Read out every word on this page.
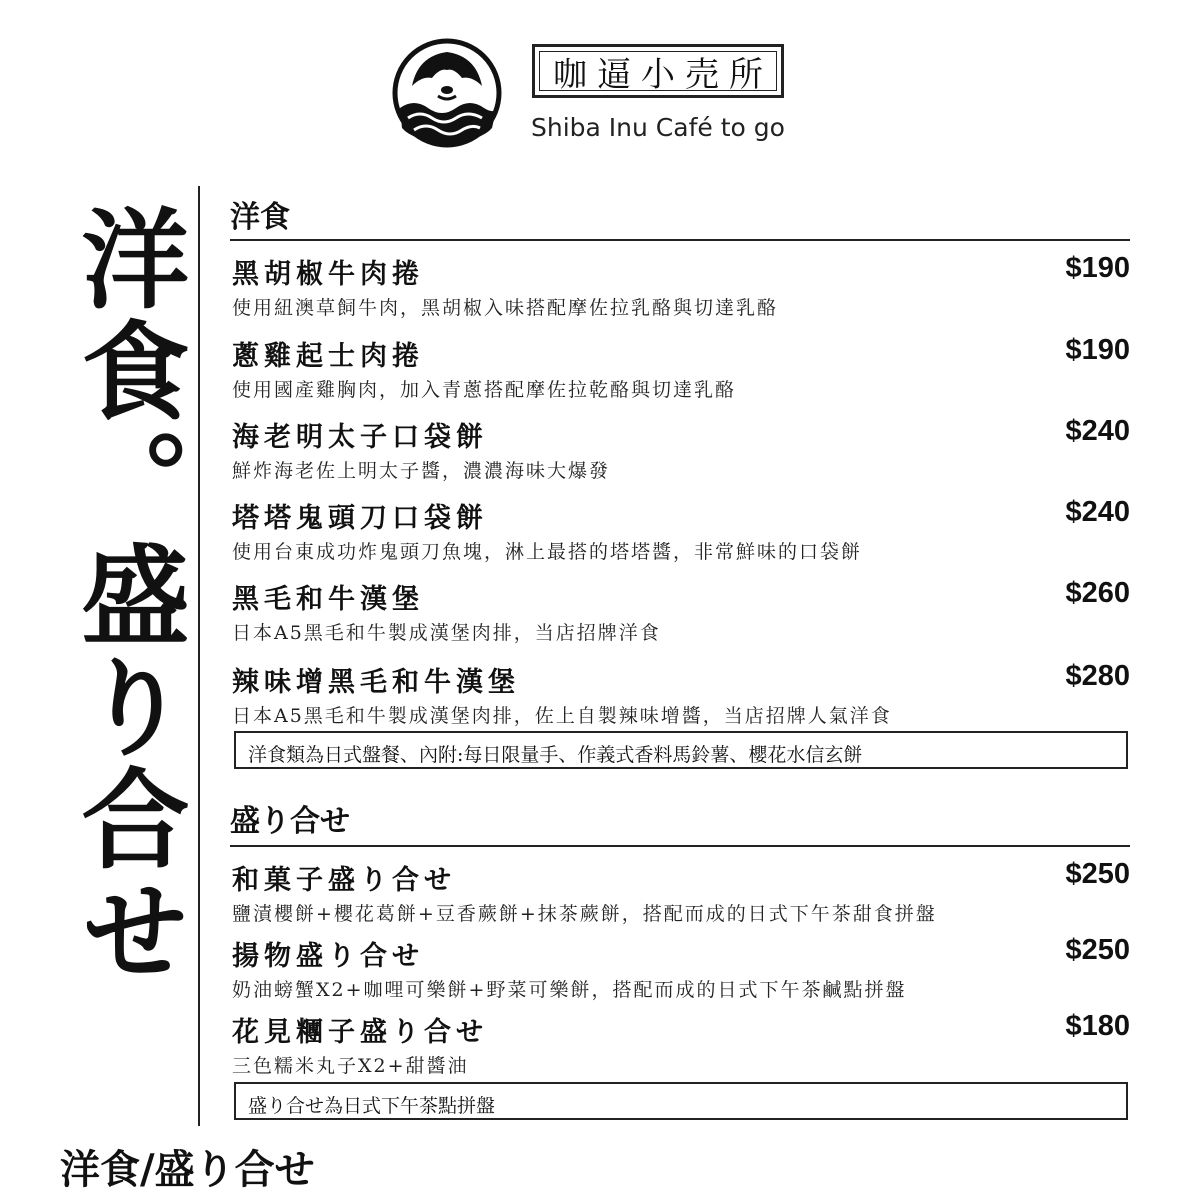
咖逼小売所
Shiba Inu Café to go
洋食。盛り合せ 洋食
黑胡椒牛肉捲
使用紐澳草飼牛肉，黑胡椒入味搭配摩佐拉乳酪與切達乳酪
$190
蔥雞起士肉捲
使用國產雞胸肉，加入青蔥搭配摩佐拉乾酪與切達乳酪
$190
海老明太子口袋餅
鮮炸海老佐上明太子醬，濃濃海味大爆發
$240
塔塔鬼頭刀口袋餅
使用台東成功炸鬼頭刀魚塊，淋上最搭的塔塔醬，非常鮮味的口袋餅
$240
黑毛和牛漢堡
日本A5黑毛和牛製成漢堡肉排，当店招牌洋食
$260
辣味增黑毛和牛漢堡
日本A5黑毛和牛製成漢堡肉排，佐上自製辣味增醬，当店招牌人氣洋食
$280
洋食類為日式盤餐、內附:每日限量手、作義式香料馬鈴薯、櫻花水信玄餅
盛り合せ
和菓子盛り合せ
鹽漬櫻餅+櫻花葛餅+豆香蕨餅+抹茶蕨餅，搭配而成的日式下午茶甜食拼盤
$250
揚物盛り合せ
奶油螃蟹X2+咖哩可樂餅+野菜可樂餅，搭配而成的日式下午茶鹹點拼盤
$250
花見糰子盛り合せ
三色糯米丸子X2+甜醬油
$180
盛り合せ為日式下午茶點拼盤
洋食/盛り合せ
